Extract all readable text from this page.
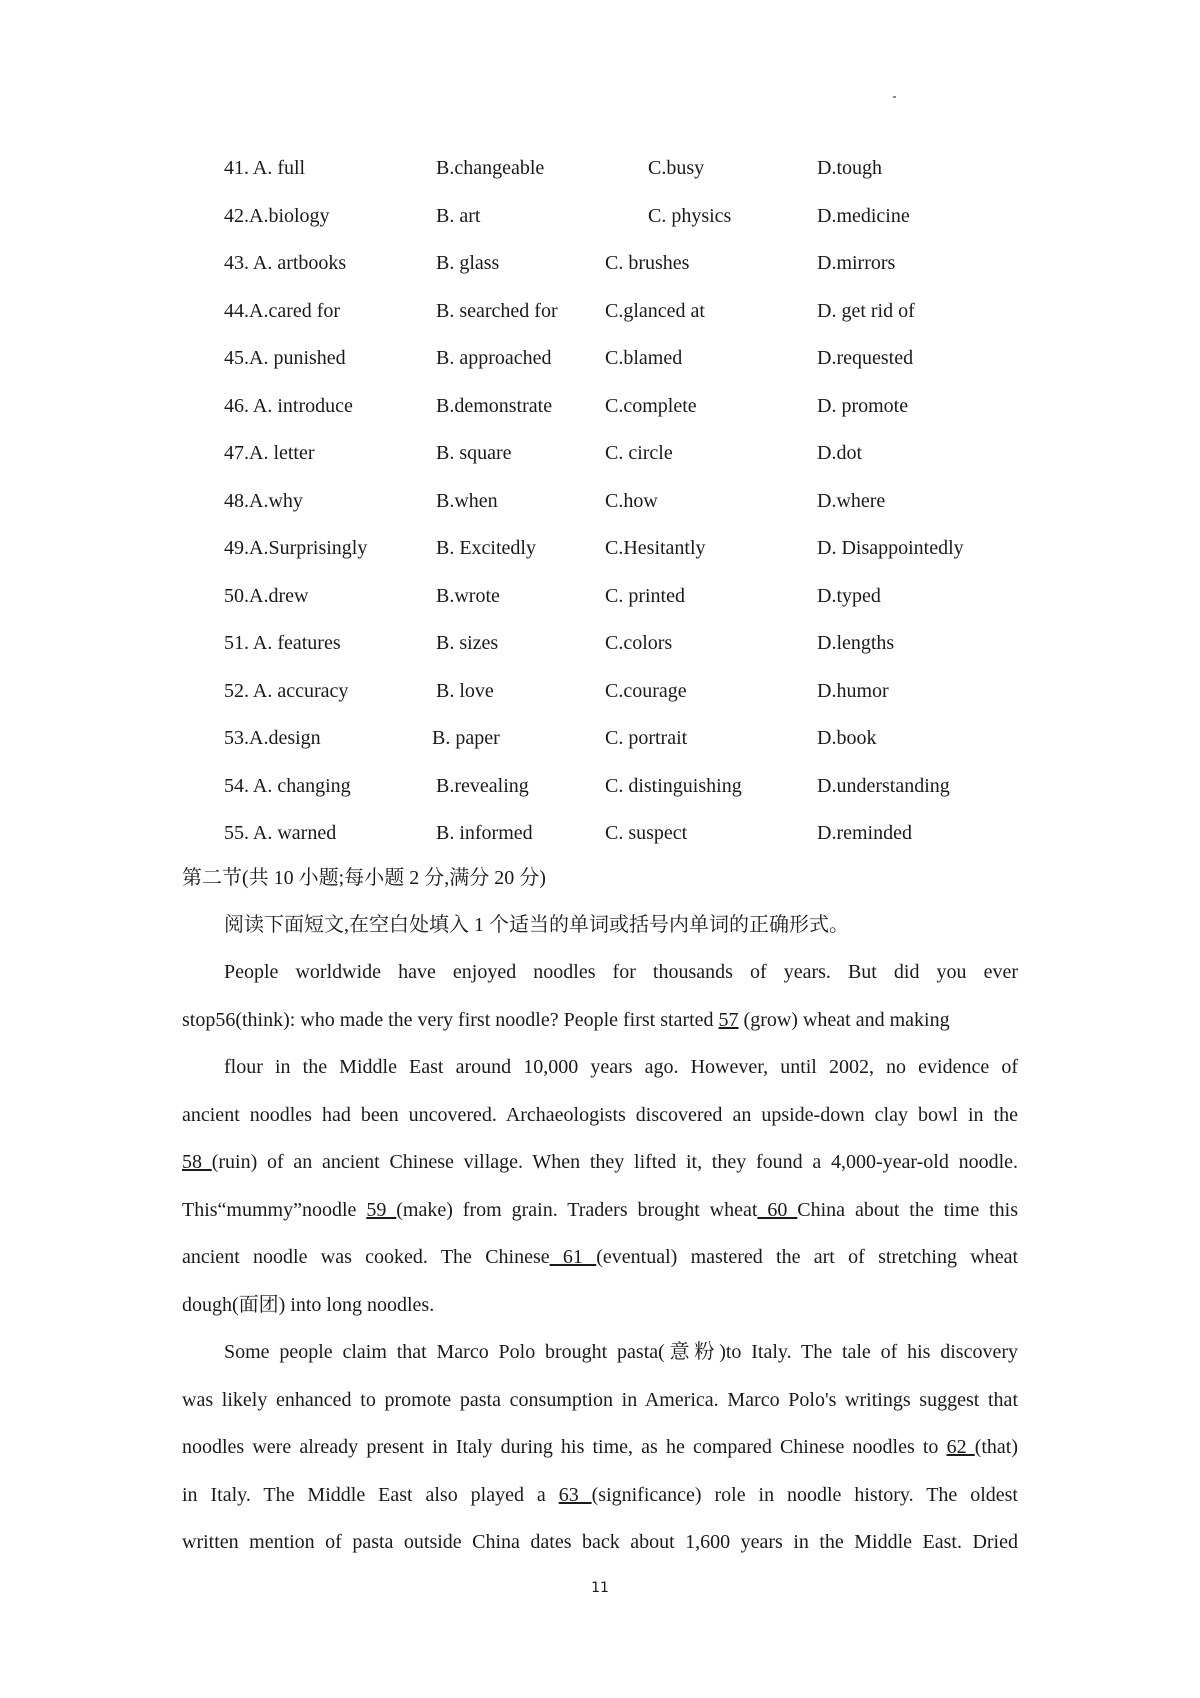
41. A. full	B.changeable	C.busy	D.tough
42.A.biology	B. art	C. physics	D.medicine
43. A. artbooks	B. glass	C. brushes	D.mirrors
44.A.cared for	B. searched for C.glanced at	D. get rid of
45.A. punished	B. approached	C.blamed	D.requested
46. A. introduce	B.demonstrate	C.complete	D. promote
47.A. letter	B. square	C. circle	D.dot
48.A.why	B.when	C.how	D.where
49.A.Surprisingly	B. Excitedly	C.Hesitantly	D. Disappointedly
50.A.drew	B.wrote	C. printed	D.typed
51. A. features	B. sizes	C.colors	D.lengths
52. A. accuracy	B. love	C.courage	D.humor
53.A.design	B. paper	C. portrait	D.book
54. A. changing	B.revealing	C. distinguishing	D.understanding
55. A. warned	B. informed	C. suspect	D.reminded
第二节(共 10 小题;每小题 2 分,满分 20 分)
阅读下面短文,在空白处填入 1 个适当的单词或括号内单词的正确形式。
People worldwide have enjoyed noodles for thousands of years. But did you ever
stop56(think): who made the very first noodle? People first started 57 (grow) wheat and making
flour in the Middle East around 10,000 years ago. However, until 2002, no evidence of
ancient noodles had been uncovered. Archaeologists discovered an upside-down clay bowl in the
58 (ruin) of an ancient Chinese village. When they lifted it, they found a 4,000-year-old noodle.
This“mummy”noodle 59 (make) from grain. Traders brought wheat 60 China about the time this
ancient noodle was cooked. The Chinese 61 (eventual) mastered the art of stretching wheat
dough(面团) into long noodles.
Some people claim that Marco Polo brought pasta(意粉)to Italy. The tale of his discovery
was likely enhanced to promote pasta consumption in America. Marco Polo's writings suggest that
noodles were already present in Italy during his time, as he compared Chinese noodles to 62 (that)
in Italy. The Middle East also played a 63 (significance) role in noodle history. The oldest
written mention of pasta outside China dates back about 1,600 years in the Middle East. Dried
11
